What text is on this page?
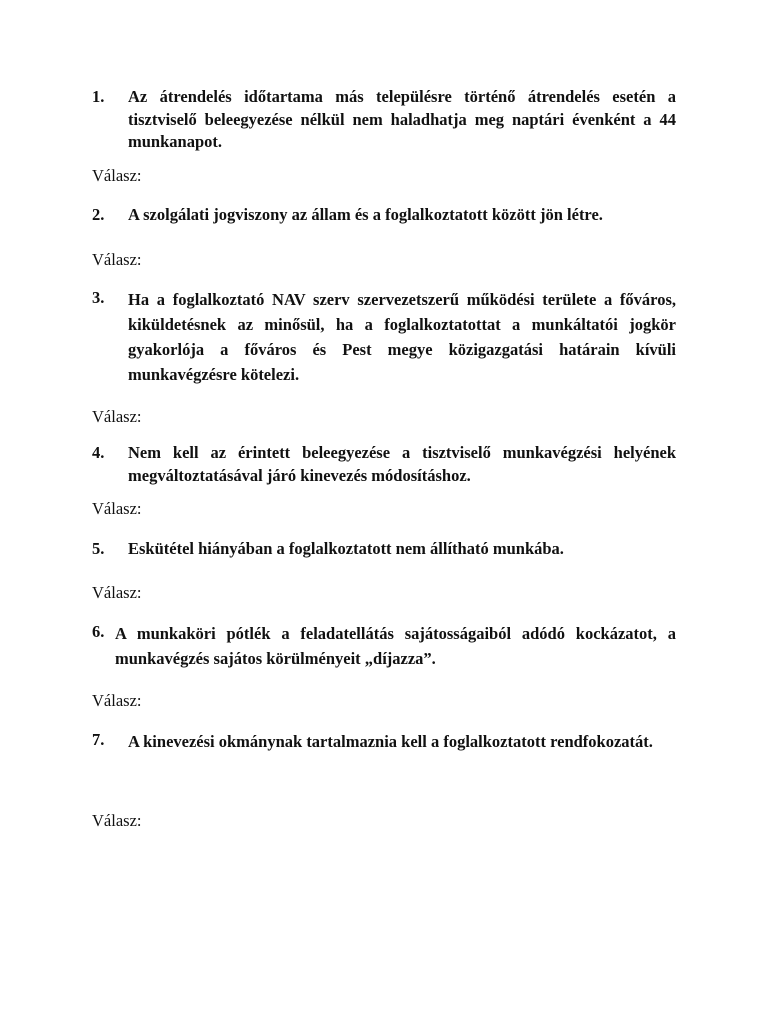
1.	Az átrendelés időtartama más településre történő átrendelés esetén a tisztviselő beleegyezése nélkül nem haladhatja meg naptári évenként a 44 munkanapot.
Válasz:
2.	A szolgálati jogviszony az állam és a foglalkoztatott között jön létre.
Válasz:
3.	Ha a foglalkoztató NAV szerv szervezetszerű működési területe a főváros, kiküldetésnek az minősül, ha a foglalkoztatottat a munkáltatói jogkör gyakorlója a főváros és Pest megye közigazgatási határain kívüli munkavégzésre kötelezi.
Válasz:
4.	Nem kell az érintett beleegyezése a tisztviselő munkavégzési helyének megváltoztatásával járó kinevezés módosításhoz.
Válasz:
5.	Eskütétel hiányában a foglalkoztatott nem állítható munkába.
Válasz:
6. A munkaköri pótlék a feladatellátás sajátosságaiból adódó kockázatot, a munkavégzés sajátos körülményeit „díjazza”.
Válasz:
7.	A kinevezési okmánynak tartalmaznia kell a foglalkoztatott rendfokozatát.
Válasz:
